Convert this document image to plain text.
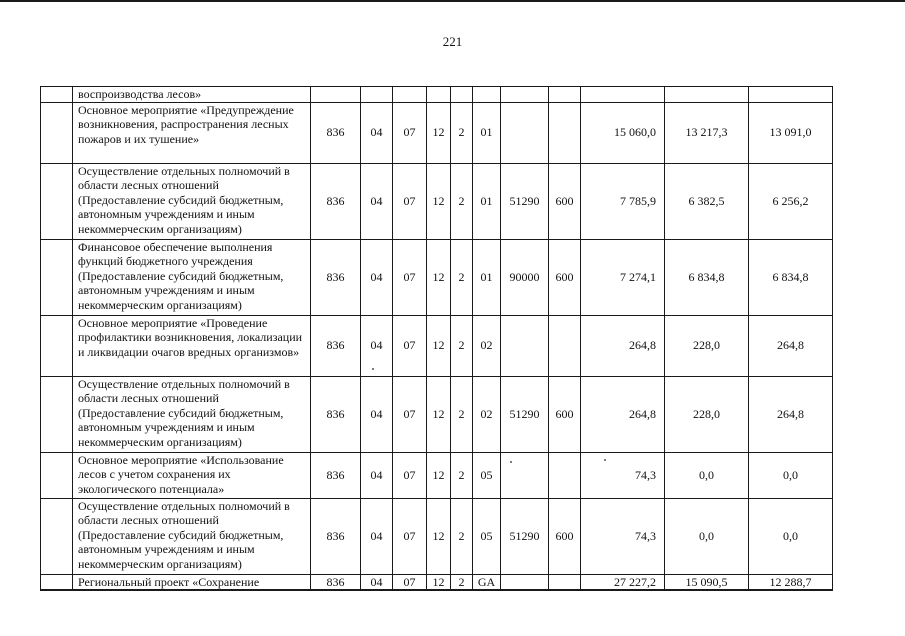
221
	воспроизводства лесов»											
	Основное мероприятие «Предупреждение возникновения, распространения лесных пожаров и их тушение»	836	04	07	12	2	01			15 060,0	13 217,3	13 091,0
	Осуществление отдельных полномочий в области лесных отношений (Предоставление субсидий бюджетным, автономным учреждениям и иным некоммерческим организациям)	836	04	07	12	2	01	51290	600	7 785,9	6 382,5	6 256,2
	Финансовое обеспечение выполнения функций бюджетного учреждения (Предоставление субсидий бюджетным, автономным учреждениям и иным некоммерческим организациям)	836	04	07	12	2	01	90000	600	7 274,1	6 834,8	6 834,8
	Основное мероприятие «Проведение профилактики возникновения, локализации и ликвидации очагов вредных организмов»	836	04	07	12	2	02			264,8	228,0	264,8
	Осуществление отдельных полномочий в области лесных отношений (Предоставление субсидий бюджетным, автономным учреждениям и иным некоммерческим организациям)	836	04	07	12	2	02	51290	600	264,8	228,0	264,8
	Основное мероприятие «Использование лесов с учетом сохранения их экологического потенциала»	836	04	07	12	2	05			74,3	0,0	0,0
	Осуществление отдельных полномочий в области лесных отношений (Предоставление субсидий бюджетным, автономным учреждениям и иным некоммерческим организациям)	836	04	07	12	2	05	51290	600	74,3	0,0	0,0
	Региональный проект «Сохранение	836	04	07	12	2	GA			27 227,2	15 090,5	12 288,7
